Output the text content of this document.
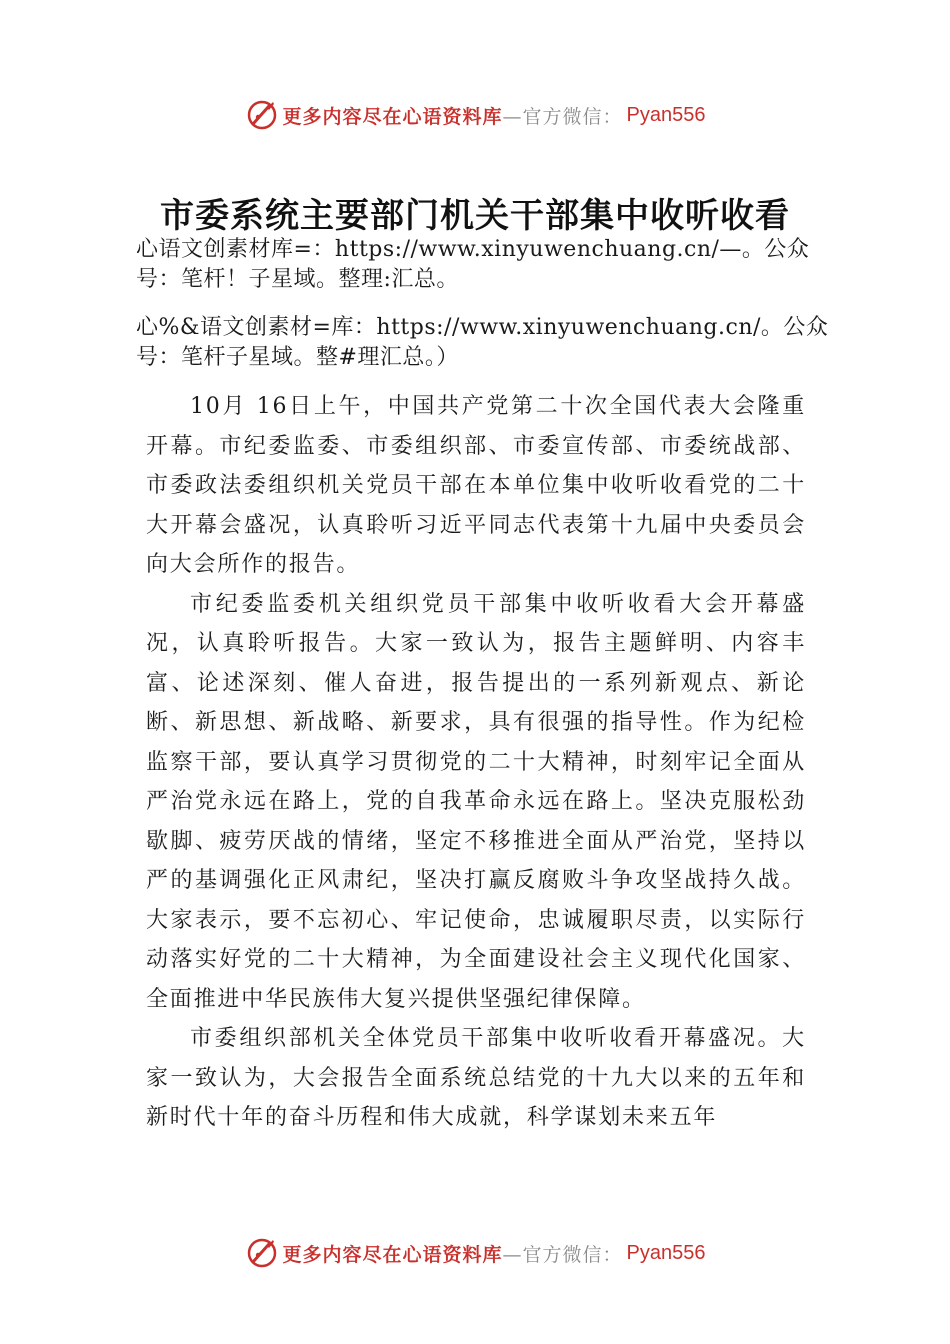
更多内容尽在心语资料库 —官方微信： Pyan556
市委系统主要部门机关干部集中收听收看
心语文创素材库=：https://www.xinyuwenchuang.cn/—。公众号：笔杆！子星域。整理:汇总。
心%&语文创素材=库：https://www.xinyuwenchuang.cn/。公众号：笔杆子星域。整#理汇总。）

10月 16日上午，中国共产党第二十次全国代表大会隆重开幕。市纪委监委、市委组织部、市委宣传部、市委统战部、市委政法委组织机关党员干部在本单位集中收听收看党的二十大开幕会盛况，认真聆听习近平同志代表第十九届中央委员会向大会所作的报告。

市纪委监委机关组织党员干部集中收听收看大会开幕盛况，认真聆听报告。大家一致认为，报告主题鲜明、内容丰富、论述深刻、催人奋进，报告提出的一系列新观点、新论断、新思想、新战略、新要求，具有很强的指导性。作为纪检监察干部，要认真学习贯彻党的二十大精神，时刻牢记全面从严治党永远在路上，党的自我革命永远在路上。坚决克服松劲歇脚、疲劳厌战的情绪，坚定不移推进全面从严治党，坚持以严的基调强化正风肃纪，坚决打赢反腐败斗争攻坚战持久战。大家表示，要不忘初心、牢记使命，忠诚履职尽责，以实际行动落实好党的二十大精神，为全面建设社会主义现代化国家、全面推进中华民族伟大复兴提供坚强纪律保障。

市委组织部机关全体党员干部集中收听收看开幕盛况。大家一致认为，大会报告全面系统总结党的十九大以来的五年和新时代十年的奋斗历程和伟大成就，科学谋划未来五年

更多内容尽在心语资料库 —官方微信： Pyan556
